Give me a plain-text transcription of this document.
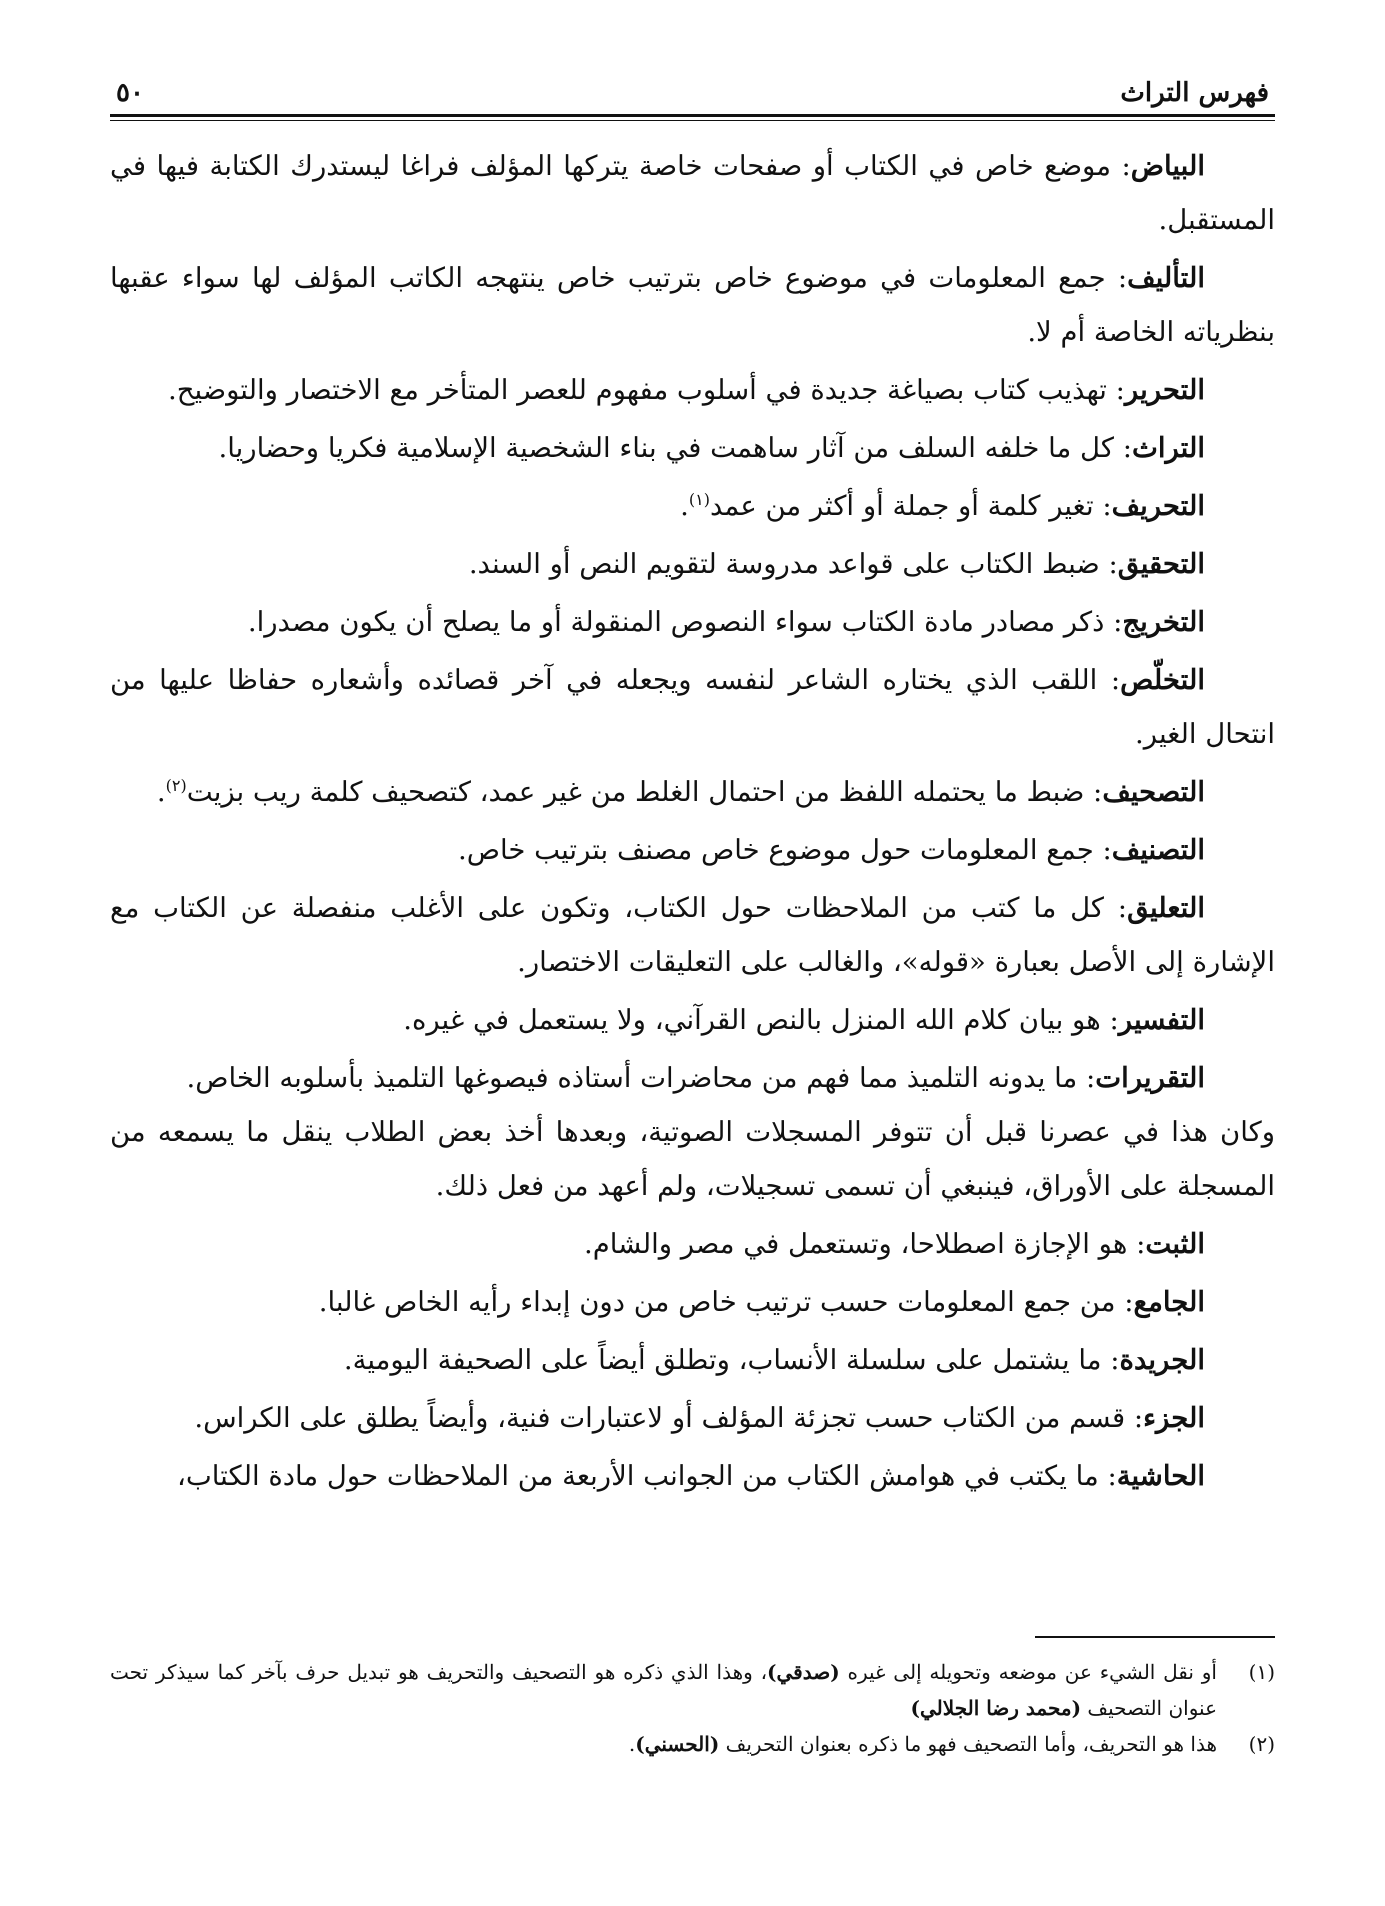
فهرس التراث
٥٠

البياض: موضع خاص في الكتاب أو صفحات خاصة يتركها المؤلف فراغا ليستدرك الكتابة فيها في المستقبل.

التأليف: جمع المعلومات في موضوع خاص بترتيب خاص ينتهجه الكاتب المؤلف لها سواء عقبها بنظرياته الخاصة أم لا.

التحرير: تهذيب كتاب بصياغة جديدة في أسلوب مفهوم للعصر المتأخر مع الاختصار والتوضيح.

التراث: كل ما خلفه السلف من آثار ساهمت في بناء الشخصية الإسلامية فكريا وحضاريا.

التحريف: تغير كلمة أو جملة أو أكثر من عمد$^{(١)}$.

التحقيق: ضبط الكتاب على قواعد مدروسة لتقويم النص أو السند.

التخريج: ذكر مصادر مادة الكتاب سواء النصوص المنقولة أو ما يصلح أن يكون مصدرا.

التخلّص: اللقب الذي يختاره الشاعر لنفسه ويجعله في آخر قصائده وأشعاره حفاظا عليها من انتحال الغير.

التصحيف: ضبط ما يحتمله اللفظ من احتمال الغلط من غير عمد، كتصحيف كلمة ريب بزيت$^{(٢)}$.

التصنيف: جمع المعلومات حول موضوع خاص مصنف بترتيب خاص.

التعليق: كل ما كتب من الملاحظات حول الكتاب، وتكون على الأغلب منفصلة عن الكتاب مع الإشارة إلى الأصل بعبارة «قوله»، والغالب على التعليقات الاختصار.

التفسير: هو بيان كلام الله المنزل بالنص القرآني، ولا يستعمل في غيره.

التقريرات: ما يدونه التلميذ مما فهم من محاضرات أستاذه فيصوغها التلميذ بأسلوبه الخاص.

وكان هذا في عصرنا قبل أن تتوفر المسجلات الصوتية، وبعدها أخذ بعض الطلاب ينقل ما يسمعه من المسجلة على الأوراق، فينبغي أن تسمى تسجيلات، ولم أعهد من فعل ذلك.

الثبت: هو الإجازة اصطلاحا، وتستعمل في مصر والشام.

الجامع: من جمع المعلومات حسب ترتيب خاص من دون إبداء رأيه الخاص غالبا.

الجريدة: ما يشتمل على سلسلة الأنساب، وتطلق أيضاً على الصحيفة اليومية.

الجزء: قسم من الكتاب حسب تجزئة المؤلف أو لاعتبارات فنية، وأيضاً يطلق على الكراس.

الحاشية: ما يكتب في هوامش الكتاب من الجوانب الأربعة من الملاحظات حول مادة الكتاب،

(١)
أو نقل الشيء عن موضعه وتحويله إلى غيره (صدقي)، وهذا الذي ذكره هو التصحيف والتحريف هو تبديل حرف بآخر كما سيذكر تحت عنوان التصحيف (محمد رضا الجلالي)

(٢)
هذا هو التحريف، وأما التصحيف فهو ما ذكره بعنوان التحريف (الحسني).
